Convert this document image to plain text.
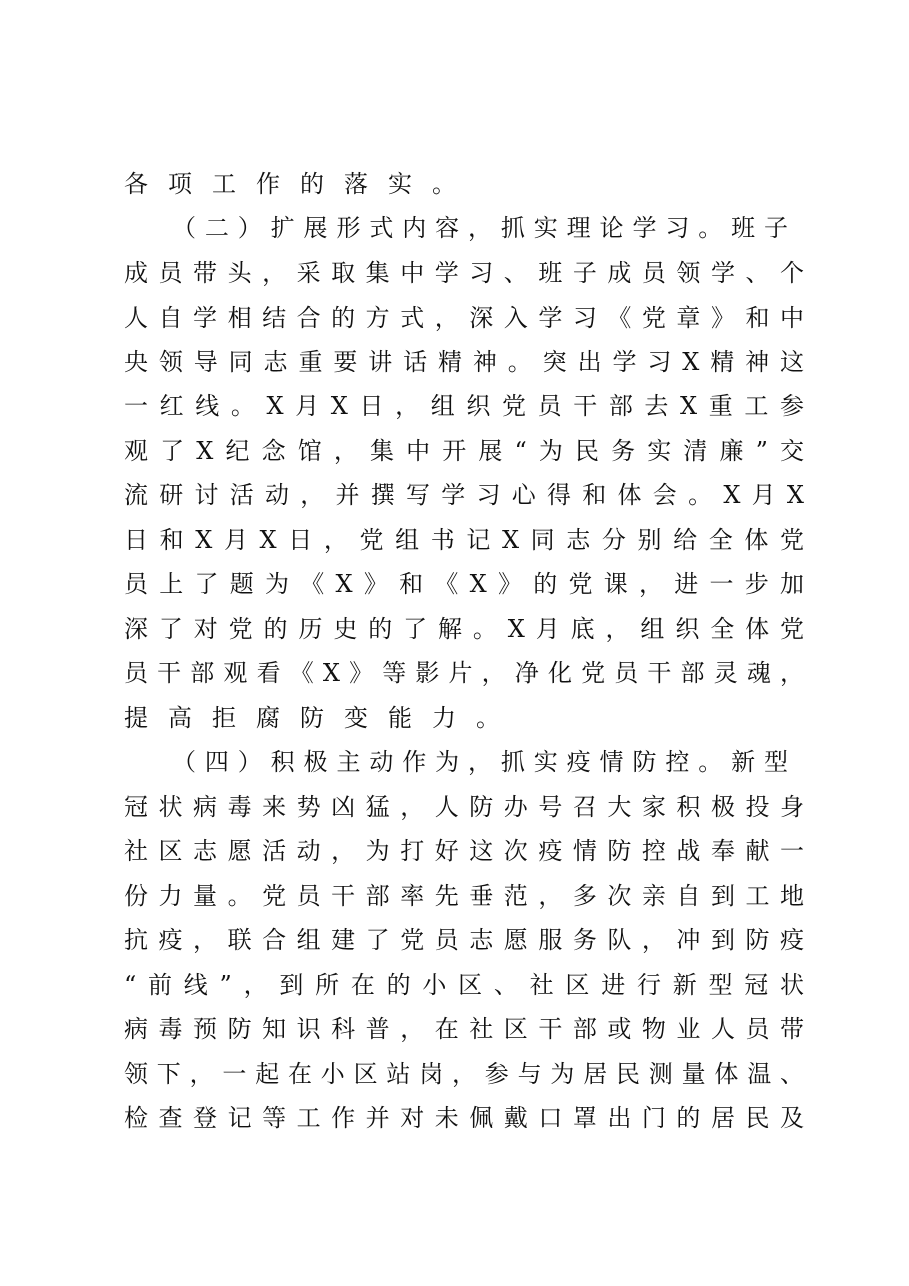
各项工作的落实。
（二）扩展形式内容，抓实理论学习。班子
成员带头，采取集中学习、班子成员领学、个
人自学相结合的方式，深入学习《党章》和中
央领导同志重要讲话精神。突出学习X精神这
一红线。X月X日，组织党员干部去X重工参
观了X纪念馆，集中开展“为民务实清廉”交
流研讨活动，并撰写学习心得和体会。X月X
日和X月X日，党组书记X同志分别给全体党
员上了题为《X》和《X》的党课，进一步加
深了对党的历史的了解。X月底，组织全体党
员干部观看《X》等影片，净化党员干部灵魂，
提高拒腐防变能力。
（四）积极主动作为，抓实疫情防控。新型
冠状病毒来势凶猛，人防办号召大家积极投身
社区志愿活动，为打好这次疫情防控战奉献一
份力量。党员干部率先垂范，多次亲自到工地
抗疫，联合组建了党员志愿服务队，冲到防疫
“前线”，到所在的小区、社区进行新型冠状
病毒预防知识科普，在社区干部或物业人员带
领下，一起在小区站岗，参与为居民测量体温、
检查登记等工作并对未佩戴口罩出门的居民及
